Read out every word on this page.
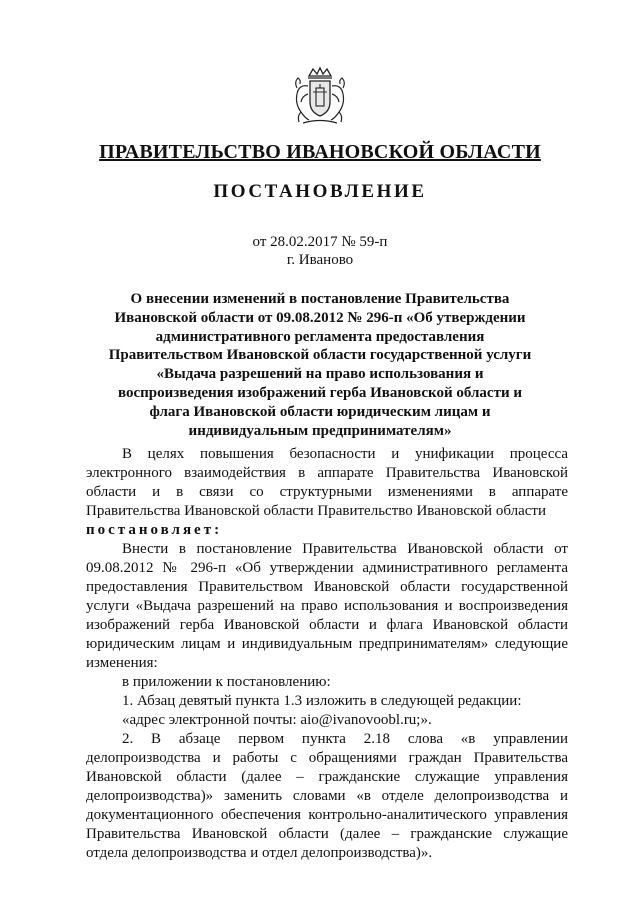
ПРАВИТЕЛЬСТВО ИВАНОВСКОЙ ОБЛАСТИ
ПОСТАНОВЛЕНИЕ
от 28.02.2017 № 59-п
г. Иваново
О внесении изменений в постановление Правительства Ивановской области от 09.08.2012 № 296-п «Об утверждении административного регламента предоставления Правительством Ивановской области государственной услуги «Выдача разрешений на право использования и воспроизведения изображений герба Ивановской области и флага Ивановской области юридическим лицам и индивидуальным предпринимателям»

В целях повышения безопасности и унификации процесса электронного взаимодействия в аппарате Правительства Ивановской области и в связи со структурными изменениями в аппарате Правительства Ивановской области Правительство Ивановской области

постановляет:

Внести в постановление Правительства Ивановской области от 09.08.2012 № 296-п «Об утверждении административного регламента предоставления Правительством Ивановской области государственной услуги «Выдача разрешений на право использования и воспроизведения изображений герба Ивановской области и флага Ивановской области юридическим лицам и индивидуальным предпринимателям» следующие изменения:

в приложении к постановлению:

1. Абзац девятый пункта 1.3 изложить в следующей редакции:

«адрес электронной почты: aio@ivanovoobl.ru;».

2. В абзаце первом пункта 2.18 слова «в управлении делопроизводства и работы с обращениями граждан Правительства Ивановской области (далее – гражданские служащие управления делопроизводства)» заменить словами «в отделе делопроизводства и документационного обеспечения контрольно-аналитического управления Правительства Ивановской области (далее – гражданские служащие отдела делопроизводства и отдел делопроизводства)».
